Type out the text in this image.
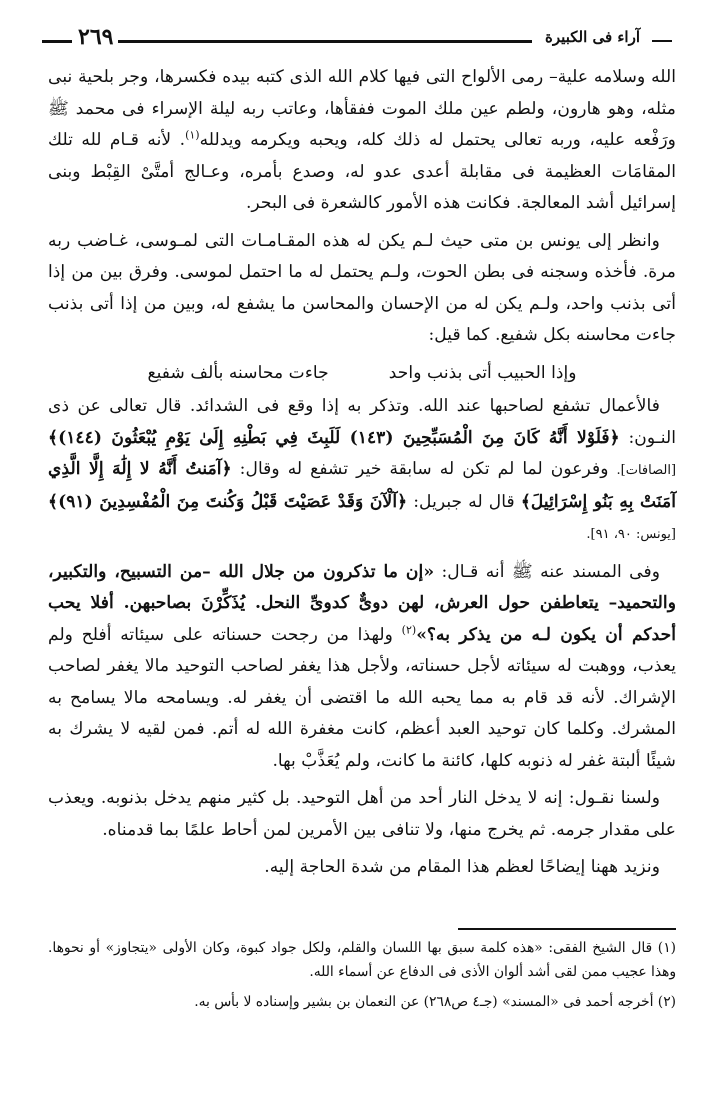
آراء فى الكبيرة
٢٦٩

الله وسلامه علية– رمى الألواح التى فيها كلام الله الذى كتبه بيده فكسرها، وجر بلحية نبى مثله، وهو هارون، ولطم عين ملك الموت ففقأها، وعاتب ربه ليلة الإسراء فى محمد ﷺ ورَفْعه عليه، وربه تعالى يحتمل له ذلك كله، ويحبه ويكرمه ويدلله$^{(١)}$. لأنه قـام لله تلك المقامَات العظيمة فى مقابلة أعدى عدو له، وصدع بأمره، وعـالج أمتَّىْ القِبْط وبنى إسرائيل أشد المعالجة. فكانت هذه الأمور كالشعرة فى البحر.

وانظر إلى يونس بن متى حيث لـم يكن له هذه المقـامـات التى لمـوسى، غـاضب ربه مرة. فأخذه وسجنه فى بطن الحوت، ولـم يحتمل له ما احتمل لموسى. وفرق بين من إذا أتى بذنب واحد، ولـم يكن له من الإحسان والمحاسن ما يشفع له، وبين من إذا أتى بذنب جاءت محاسنه بكل شفيع. كما قيل:

وإذا الحبيب أتى بذنب واحد
جاءت محاسنه بألف شفيع

فالأعمال تشفع لصاحبها عند الله. وتذكر به إذا وقع فى الشدائد. قال تعالى عن ذى النـون: ﴿فَلَوْلا أَنَّهُ كَانَ مِنَ الْمُسَبِّحِينَ (١٤٣) لَلَبِثَ فِي بَطْنِهِ إِلَىٰ يَوْمِ يُبْعَثُونَ (١٤٤)﴾ [الصافات]. وفرعون لما لم تكن له سابقة خير تشفع له وقال: ﴿آمَنتُ أَنَّهُ لا إِلَٰهَ إِلَّا الَّذِي آمَنَتْ بِهِ بَنُو إِسْرَائِيلَ﴾ قال له جبريل: ﴿آلْآنَ وَقَدْ عَصَيْتَ قَبْلُ وَكُنتَ مِنَ الْمُفْسِدِينَ (٩١)﴾ [يونس: ٩٠، ٩١].

وفى المسند عنه ﷺ أنه قـال: «إن ما تذكرون من جلال الله –من التسبيح، والتكبير، والتحميد– يتعاطفن حول العرش، لهن دوىٌّ كدوىِّ النحل. يُذَكِّرْنَ بصاحبهن. أفلا يحب أحدكم أن يكون لـه من يذكر به؟»$^{(٢)}$ ولهذا من رجحت حسناته على سيئاته أفلح ولم يعذب، ووهبت له سيئاته لأجل حسناته، ولأجل هذا يغفر لصاحب التوحيد مالا يغفر لصاحب الإشراك. لأنه قد قام به مما يحبه الله ما اقتضى أن يغفر له. ويسامحه مالا يسامح به المشرك. وكلما كان توحيد العبد أعظم، كانت مغفرة الله له أتم. فمن لقيه لا يشرك به شيئًا ألبتة غفر له ذنوبه كلها، كائنة ما كانت، ولم يُعَذَّبْ بها.

ولسنا نقـول: إنه لا يدخل النار أحد من أهل التوحيد. بل كثير منهم يدخل بذنوبه. ويعذب على مقدار جرمه. ثم يخرج منها، ولا تنافى بين الأمرين لمن أحاط علمًا بما قدمناه.

ونزيد ههنا إيضاحًا لعظم هذا المقام من شدة الحاجة إليه.

(١) قال الشيخ الفقى: «هذه كلمة سبق بها اللسان والقلم، ولكل جواد كبوة، وكان الأولى «يتجاوز» أو نحوها. وهذا عجيب ممن لقى أشد ألوان الأذى فى الدفاع عن أسماء الله.

(٢) أخرجه أحمد فى «المسند» (جـ٤ ص٢٦٨) عن النعمان بن بشير وإسناده لا بأس به.
